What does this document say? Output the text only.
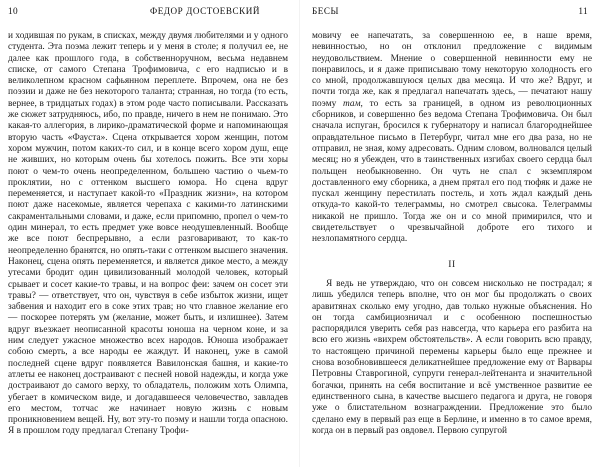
10	ФЕДОР ДОСТОЕВСКИЙ

и ходившая по рукам, в списках, между двумя любителями и у одного студента. Эта поэма лежит теперь и у меня в столе; я получил ее, не далее как прошлого года, в собственноручном, весьма недавнем списке, от самого Степана Трофимовича, с его надписью и в великолепном красном сафьянном переплете. Впрочем, она не без поэзии и даже не без некоторого таланта; странная, но тогда (то есть, вернее, в тридцатых годах) в этом роде часто пописывали. Рассказать же сюжет затрудняюсь, ибо, по правде, ничего в нем не понимаю. Это какая-то аллегория, в лирико-драматической форме и напоминающая вторую часть «Фауста». Сцена открывается хором женщин, потом хором мужчин, потом каких-то сил, и в конце всего хором душ, еще не живших, но которым очень бы хотелось пожить. Все эти хоры поют о чем-то очень неопределенном, большею частию о чьем-то проклятии, но с оттенком высшего юмора. Но сцена вдруг переменяется, и наступает какой-то «Праздник жизни», на котором поют даже насекомые, является черепаха с какими-то латинскими сакраментальными словами, и даже, если припомню, пропел о чем-то один минерал, то есть предмет уже вовсе неодушевленный. Вообще же все поют беспрерывно, а если разговаривают, то как-то неопределенно бранятся, но опять-таки с оттенком высшего значения. Наконец, сцена опять переменяется, и является дикое место, а между утесами бродит один цивилизованный молодой человек, который срывает и сосет какие-то травы, и на вопрос феи: зачем он сосет эти травы? — ответствует, что он, чувствуя в себе избыток жизни, ищет забвения и находит его в соке этих трав; но что главное желание его — поскорее потерять ум (желание, может быть, и излишнее). Затем вдруг въезжает неописанной красоты юноша на черном коне, и за ним следует ужасное множество всех народов. Юноша изображает собою смерть, а все народы ее жаждут. И наконец, уже в самой последней сцене вдруг появляется Вавилонская башня, и какие-то атлеты ее наконец достраивают с песней новой надежды, и когда уже достраивают до самого верху, то обладатель, положим хоть Олимпа, убегает в комическом виде, и догадавшееся человечество, завладев его местом, тотчас же начинает новую жизнь с новым проникновением вещей. Ну, вот эту-то поэму и нашли тогда опасною. Я в прошлом году предлагал Степану Трофи-

БЕСЫ	11

мовичу ее напечатать, за совершенною ее, в наше время, невинностью, но он отклонил предложение с видимым неудовольствием. Мнение о совершенной невинности ему не понравилось, и я даже приписываю тому некоторую холодность его со мной, продолжавшуюся целых два месяца. И что же? Вдруг, и почти тогда же, как я предлагал напечатать здесь, — печатают нашу поэму там, то есть за границей, в одном из революционных сборников, и совершенно без ведома Степана Трофимовича. Он был сначала испуган, бросился к губернатору и написал благороднейшее оправдательное письмо в Петербург, читал мне его два раза, но не отправил, не зная, кому адресовать. Одним словом, волновался целый месяц; но я убежден, что в таинственных изгибах своего сердца был польщен необыкновенно. Он чуть не спал с экземпляром доставленного ему сборника, а днем прятал его под тюфяк и даже не пускал женщину перестилать постель, и хоть ждал каждый день откуда-то какой-то телеграммы, но смотрел свысока. Телеграммы никакой не пришло. Тогда же он и со мной примирился, что и свидетельствует о чрезвычайной доброте его тихого и незлопамятного сердца.

II

Я ведь не утверждаю, что он совсем нисколько не пострадал; я лишь убедился теперь вполне, что он мог бы продолжать о своих аравитянах сколько ему угодно, дав только нужные объяснения. Но он тогда самбициозничал и с особенною поспешностью распорядился уверить себя раз навсегда, что карьера его разбита на всю его жизнь «вихрем обстоятельств». А если говорить всю правду, то настоящею причиной перемены карьеры было еще прежнее и снова возобновившееся деликатнейшее предложение ему от Варвары Петровны Ставрогиной, супруги генерал-лейтенанта и значительной богачки, принять на себя воспитание и всё умственное развитие ее единственного сына, в качестве высшего педагога и друга, не говоря уже о блистательном вознаграждении. Предложение это было сделано ему в первый раз еще в Берлине, и именно в то самое время, когда он в первый раз овдовел. Первою супругой
